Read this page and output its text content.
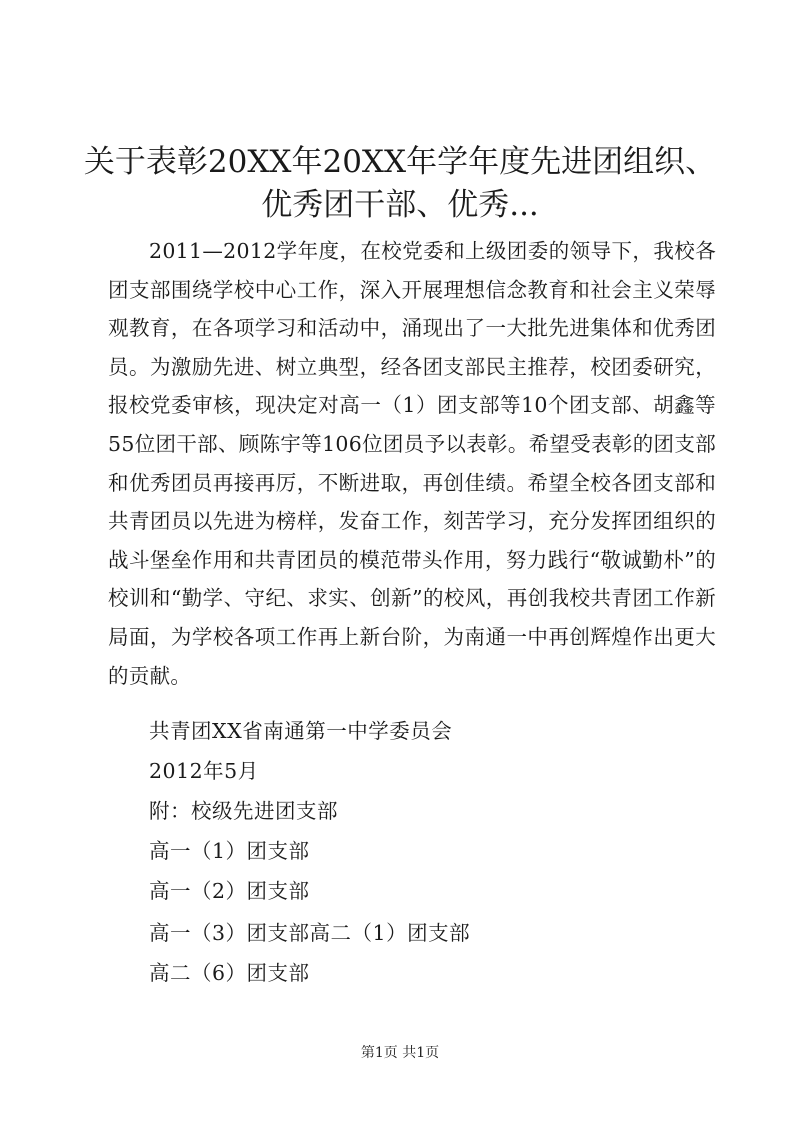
关于表彰20XX年20XX年学年度先进团组织、
优秀团干部、优秀...

2011—2012学年度，在校党委和上级团委的领导下，我校各团支部围绕学校中心工作，深入开展理想信念教育和社会主义荣辱观教育，在各项学习和活动中，涌现出了一大批先进集体和优秀团员。为激励先进、树立典型，经各团支部民主推荐，校团委研究，报校党委审核，现决定对高一（1）团支部等10个团支部、胡鑫等55位团干部、顾陈宇等106位团员予以表彰。希望受表彰的团支部和优秀团员再接再厉，不断进取，再创佳绩。希望全校各团支部和共青团员以先进为榜样，发奋工作，刻苦学习，充分发挥团组织的战斗堡垒作用和共青团员的模范带头作用，努力践行“敬诚勤朴”的校训和“勤学、守纪、求实、创新”的校风，再创我校共青团工作新局面，为学校各项工作再上新台阶，为南通一中再创辉煌作出更大的贡献。

共青团XX省南通第一中学委员会

2012年5月

附：校级先进团支部

高一（1）团支部

高一（2）团支部

高一（3）团支部高二（1）团支部

高二（6）团支部

第1页 共1页
